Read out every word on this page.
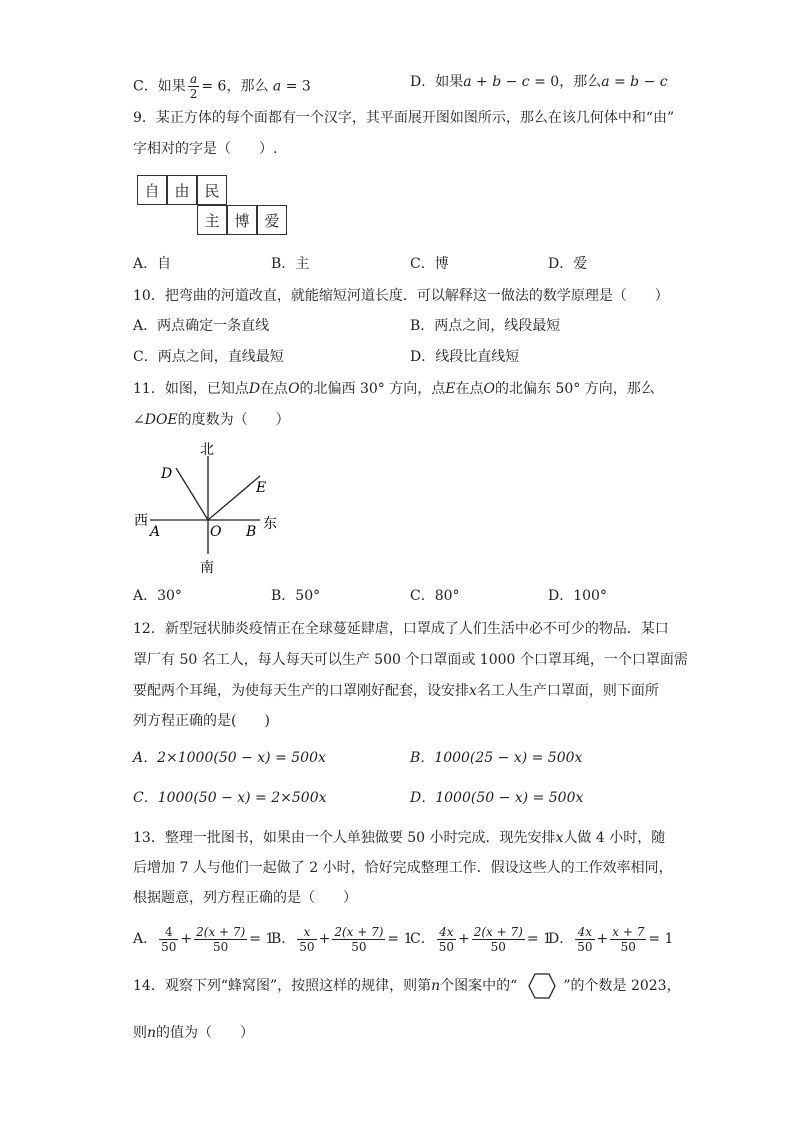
C．如果 $\frac{a}{2} = 6$，那么 a = 3	D．如果a + b − c = 0，那么a = b − c
9．某正方体的每个面都有一个汉字，其平面展开图如图所示，那么在该几何体中和“由”
字相对的字是（　　）.
自 由 民
主 博 爱
A．自	B．主	C．博	D．爱
10．把弯曲的河道改直，就能缩短河道长度．可以解释这一做法的数学原理是（　　）
A．两点确定一条直线	B．两点之间，线段最短
C．两点之间，直线最短	D．线段比直线短
11．如图，已知点D在点O的北偏西 30° 方向，点E在点O的北偏东 50° 方向，那么
∠DOE的度数为（　　）
北
南
西	东
A	B
O
D
E
A．30°	B．50°	C．80°	D．100°
12．新型冠状肺炎疫情正在全球蔓延肆虐，口罩成了人们生活中必不可少的物品．某口
罩厂有 50 名工人，每人每天可以生产 500 个口罩面或 1000 个口罩耳绳，一个口罩面需
要配两个耳绳，为使每天生产的口罩刚好配套，设安排x名工人生产口罩面，则下面所
列方程正确的是(　　)
A．2×1000(50 − x) = 500x	B．1000(25 − x) = 500x
C．1000(50 − x) = 2×500x	D．1000(50 − x) = 500x
13．整理一批图书，如果由一个人单独做要 50 小时完成．现先安排x人做 4 小时，随
后增加 7 人与他们一起做了 2 小时，恰好完成整理工作．假设这些人的工作效率相同，
根据题意，列方程正确的是（　　）
A． $\frac{4}{50} + \frac{2(x + 7)}{50} = 1$
B． $\frac{x}{50} + \frac{2(x + 7)}{50} = 1$
C． $\frac{4x}{50} + \frac{2(x + 7)}{50} = 1$
D． $\frac{4x}{50} + \frac{x + 7}{50} = 1$
14．观察下列“蜂窝图”，按照这样的规律，则第n个图案中的“	”的个数是 2023，
则n的值为（　　）
